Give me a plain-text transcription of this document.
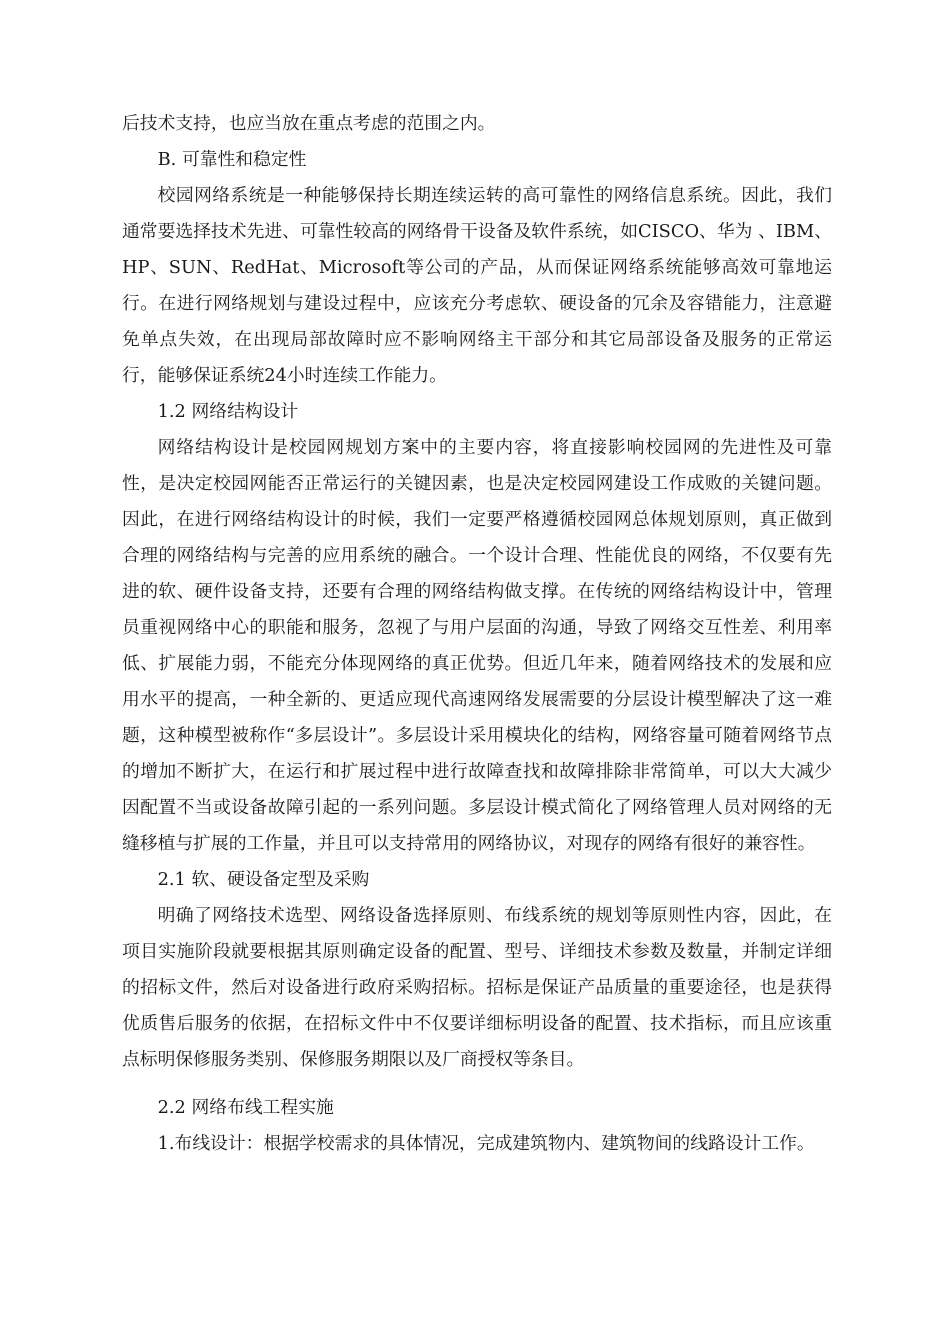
后技术支持，也应当放在重点考虑的范围之内。

B. 可靠性和稳定性

校园网络系统是一种能够保持长期连续运转的高可靠性的网络信息系统。因此，我们通常要选择技术先进、可靠性较高的网络骨干设备及软件系统，如CISCO、华为 、IBM、HP、SUN、RedHat、Microsoft等公司的产品，从而保证网络系统能够高效可靠地运行。在进行网络规划与建设过程中，应该充分考虑软、硬设备的冗余及容错能力，注意避免单点失效，在出现局部故障时应不影响网络主干部分和其它局部设备及服务的正常运行，能够保证系统24小时连续工作能力。

1.2 网络结构设计

网络结构设计是校园网规划方案中的主要内容，将直接影响校园网的先进性及可靠性，是决定校园网能否正常运行的关键因素，也是决定校园网建设工作成败的关键问题。因此，在进行网络结构设计的时候，我们一定要严格遵循校园网总体规划原则，真正做到合理的网络结构与完善的应用系统的融合。一个设计合理、性能优良的网络，不仅要有先进的软、硬件设备支持，还要有合理的网络结构做支撑。在传统的网络结构设计中，管理员重视网络中心的职能和服务，忽视了与用户层面的沟通，导致了网络交互性差、利用率低、扩展能力弱，不能充分体现网络的真正优势。但近几年来，随着网络技术的发展和应用水平的提高，一种全新的、更适应现代高速网络发展需要的分层设计模型解决了这一难题，这种模型被称作“多层设计”。多层设计采用模块化的结构，网络容量可随着网络节点的增加不断扩大，在运行和扩展过程中进行故障查找和故障排除非常简单，可以大大减少因配置不当或设备故障引起的一系列问题。多层设计模式简化了网络管理人员对网络的无缝移植与扩展的工作量，并且可以支持常用的网络协议，对现存的网络有很好的兼容性。

2.1 软、硬设备定型及采购

明确了网络技术选型、网络设备选择原则、布线系统的规划等原则性内容，因此，在项目实施阶段就要根据其原则确定设备的配置、型号、详细技术参数及数量，并制定详细的招标文件，然后对设备进行政府采购招标。招标是保证产品质量的重要途径，也是获得优质售后服务的依据，在招标文件中不仅要详细标明设备的配置、技术指标，而且应该重点标明保修服务类别、保修服务期限以及厂商授权等条目。

2.2 网络布线工程实施

1.布线设计：根据学校需求的具体情况，完成建筑物内、建筑物间的线路设计工作。
